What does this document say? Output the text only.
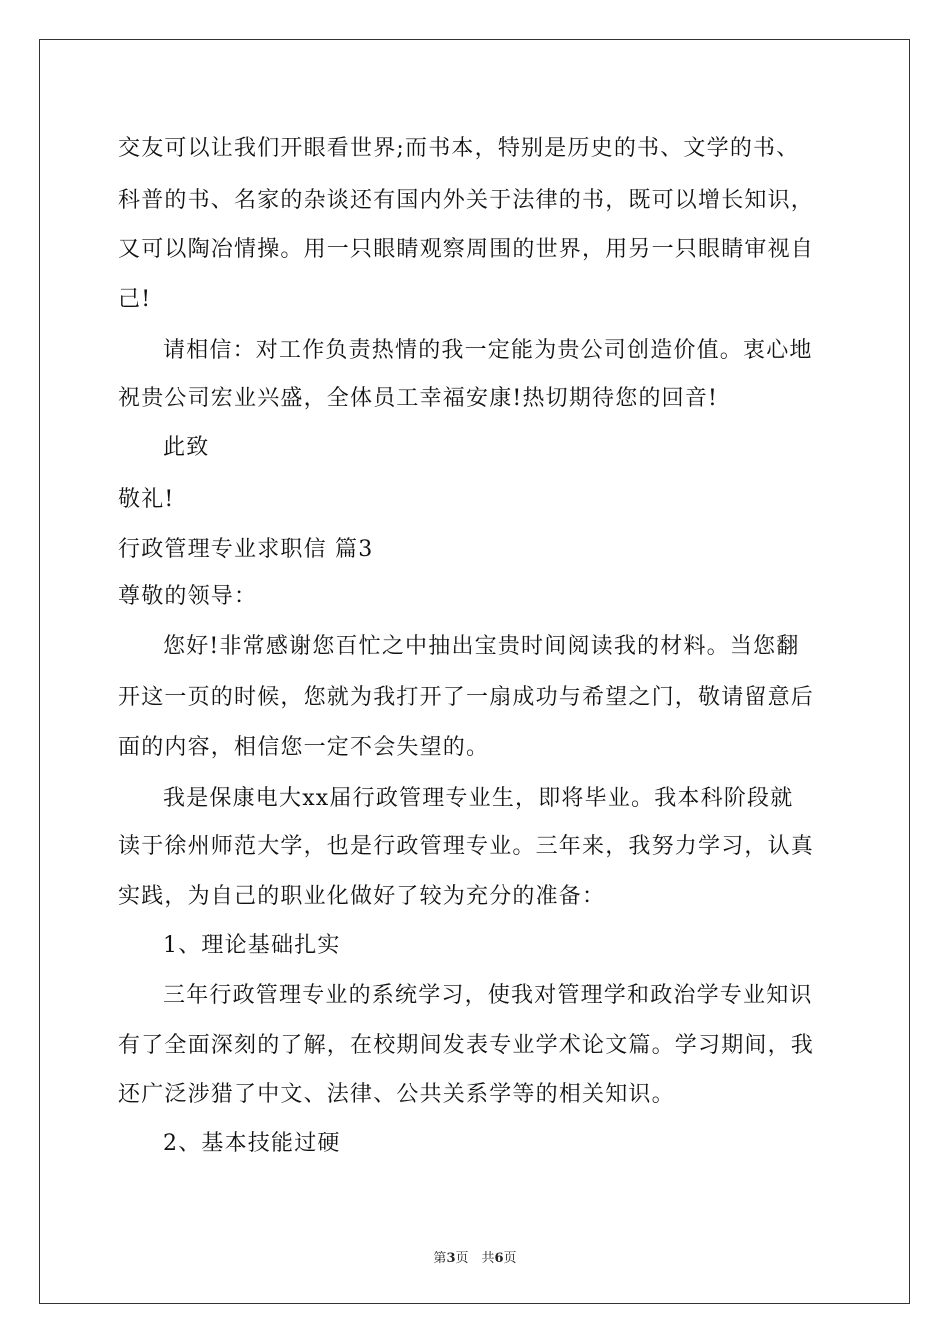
交友可以让我们开眼看世界;而书本，特别是历史的书、文学的书、
科普的书、名家的杂谈还有国内外关于法律的书，既可以增长知识，
又可以陶冶情操。用一只眼睛观察周围的世界，用另一只眼睛审视自
己!
请相信：对工作负责热情的我一定能为贵公司创造价值。衷心地
祝贵公司宏业兴盛，全体员工幸福安康!热切期待您的回音!
此致
敬礼!
行政管理专业求职信 篇3
尊敬的领导：
您好!非常感谢您百忙之中抽出宝贵时间阅读我的材料。当您翻
开这一页的时候，您就为我打开了一扇成功与希望之门，敬请留意后
面的内容，相信您一定不会失望的。
我是保康电大xx届行政管理专业生，即将毕业。我本科阶段就
读于徐州师范大学，也是行政管理专业。三年来，我努力学习，认真
实践，为自己的职业化做好了较为充分的准备：
1、理论基础扎实
三年行政管理专业的系统学习，使我对管理学和政治学专业知识
有了全面深刻的了解，在校期间发表专业学术论文篇。学习期间，我
还广泛涉猎了中文、法律、公共关系学等的相关知识。
2、基本技能过硬
第3页　共6页
